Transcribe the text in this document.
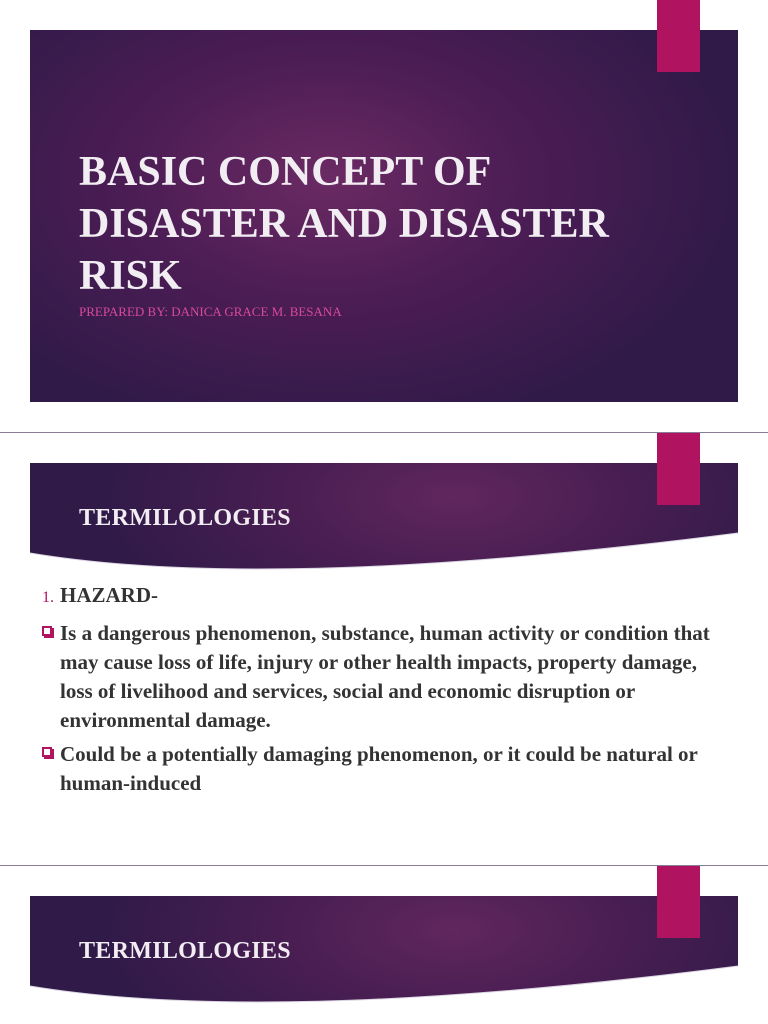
BASIC CONCEPT OF DISASTER AND DISASTER RISK

PREPARED BY: DANICA GRACE M. BESANA

TERMILOLOGIES

1. HAZARD-

Is a dangerous phenomenon, substance, human activity or condition that may cause loss of life, injury or other health impacts, property damage, loss of livelihood and services, social and economic disruption or environmental damage.
Could be a potentially damaging phenomenon, or it could be natural or human-induced
TERMILOLOGIES
